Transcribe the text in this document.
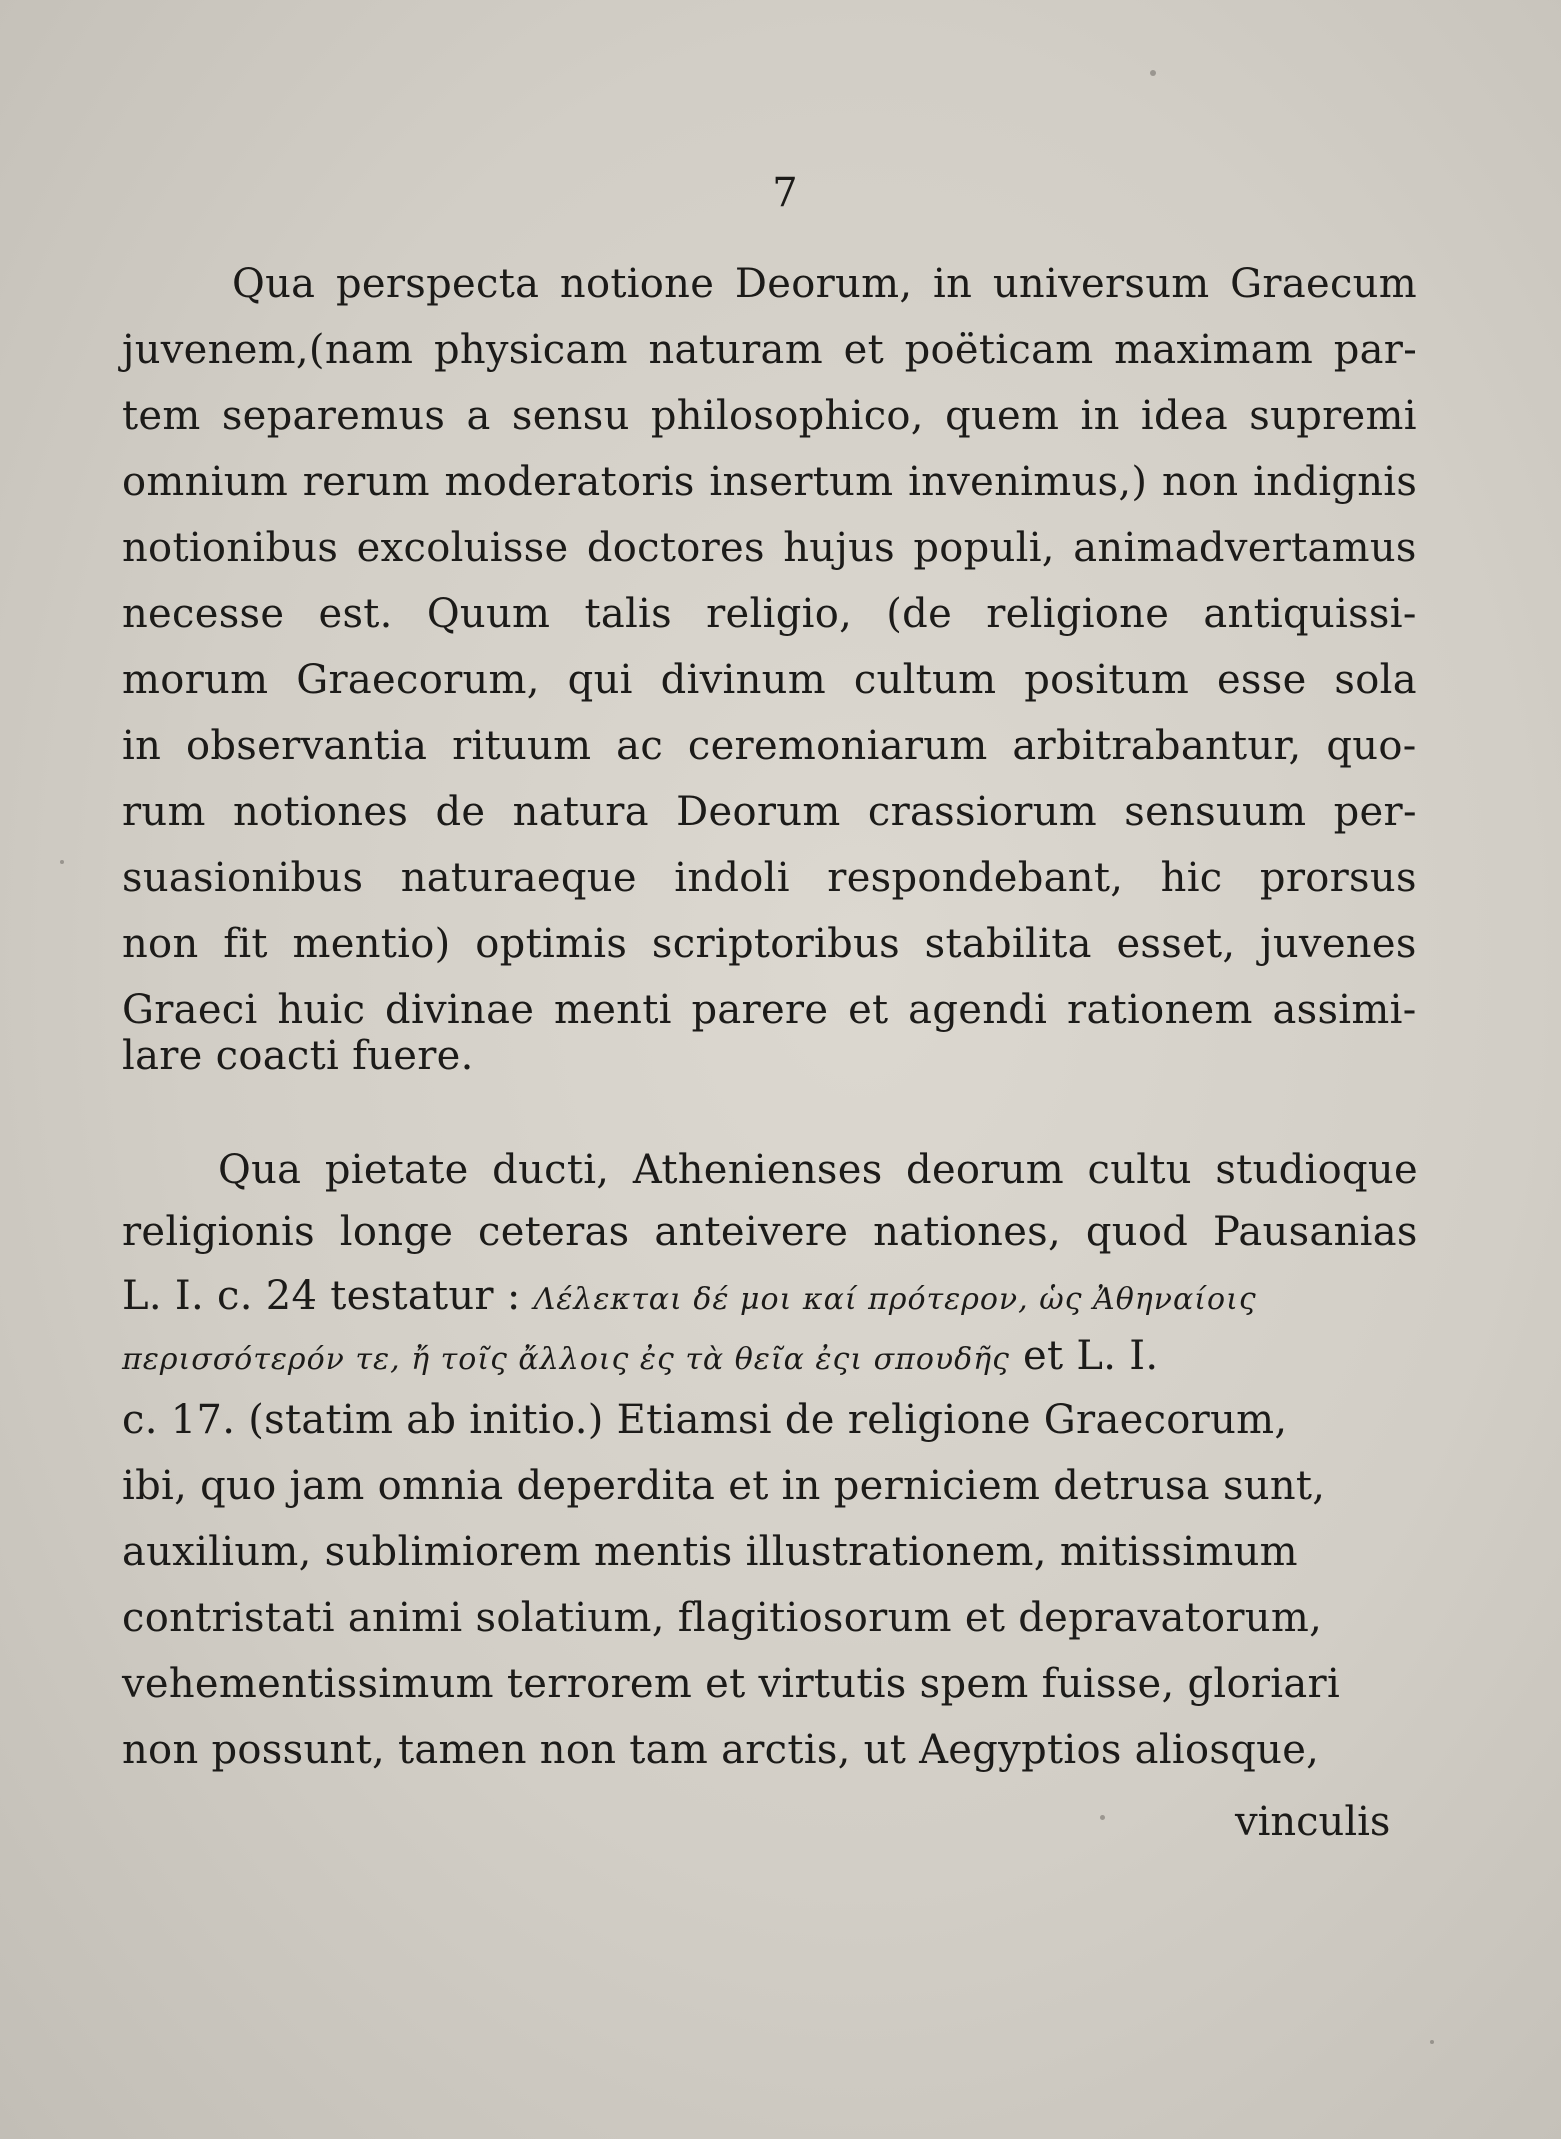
7
Qua perspecta notione Deorum, in universum Graecum
juvenem,(nam physicam naturam et poëticam maximam par-
tem separemus a sensu philosophico, quem in idea supremi
omnium rerum moderatoris insertum invenimus,) non indignis
notionibus excoluisse doctores hujus populi, animadvertamus
necesse est. Quum talis religio, (de religione antiquissi-
morum Graecorum, qui divinum cultum positum esse sola
in observantia rituum ac ceremoniarum arbitrabantur, quo-
rum notiones de natura Deorum crassiorum sensuum per-
suasionibus naturaeque indoli respondebant, hic prorsus
non fit mentio) optimis scriptoribus stabilita esset, juvenes
Graeci huic divinae menti parere et agendi rationem assimi-
lare coacti fuere.
Qua pietate ducti, Athenienses deorum cultu studioque
religionis longe ceteras anteivere nationes, quod Pausanias
L. I. c. 24 testatur : Λέλεκται δέ μοι καί πρότερον, ὡς Ἀθηναίοις
περισσότερόν τε, ἤ τοῖς ἄλλοις ἐς τὰ θεῖα ἐςι σπουδῆς et L. I.
c. 17. (statim ab initio.) Etiamsi de religione Graecorum,
ibi, quo jam omnia deperdita et in perniciem detrusa sunt,
auxilium, sublimiorem mentis illustrationem, mitissimum
contristati animi solatium, flagitiosorum et depravatorum,
vehementissimum terrorem et virtutis spem fuisse, gloriari
non possunt, tamen non tam arctis, ut Aegyptios aliosque,
vinculis
